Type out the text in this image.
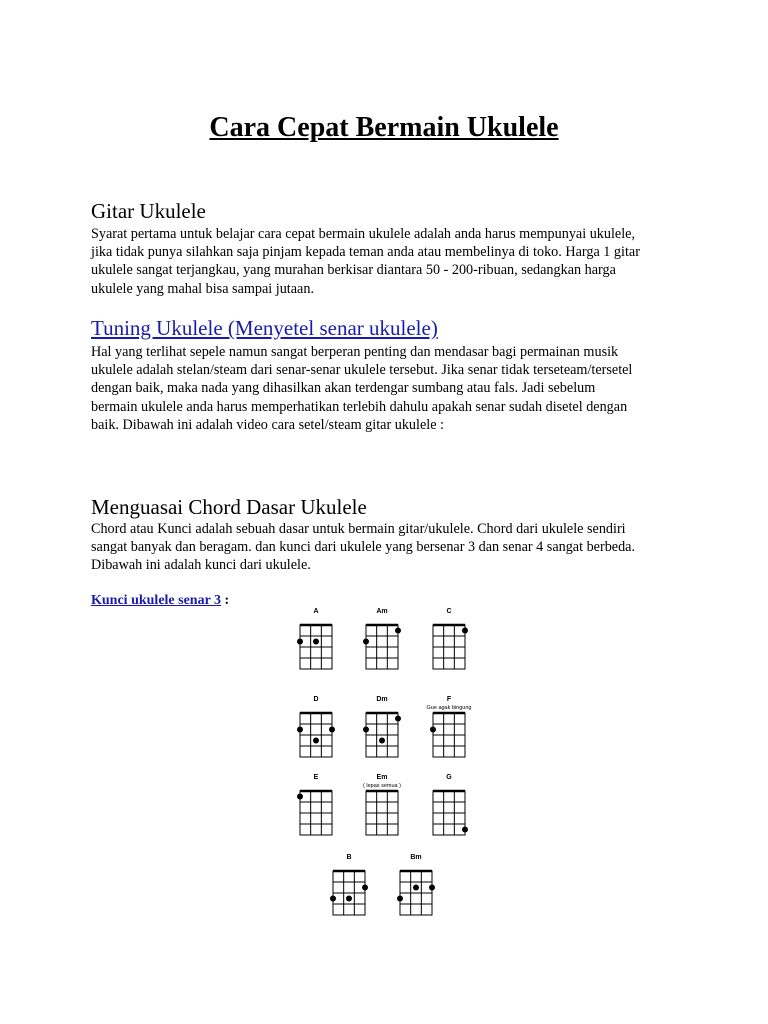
Cara Cepat Bermain Ukulele
Gitar Ukulele
Syarat pertama untuk belajar cara cepat bermain ukulele adalah anda harus mempunyai ukulele,
jika tidak punya silahkan saja pinjam kepada teman anda atau membelinya di toko. Harga 1 gitar
ukulele sangat terjangkau, yang murahan berkisar diantara 50 - 200-ribuan, sedangkan harga
ukulele yang mahal bisa sampai jutaan.
Tuning Ukulele (Menyetel senar ukulele)
Hal yang terlihat sepele namun sangat berperan penting dan mendasar bagi permainan musik
ukulele adalah stelan/steam dari senar-senar ukulele tersebut. Jika senar tidak terseteam/tersetel
dengan baik, maka nada yang dihasilkan akan terdengar sumbang atau fals. Jadi sebelum
bermain ukulele anda harus memperhatikan terlebih dahulu apakah senar sudah disetel dengan
baik. Dibawah ini adalah video cara setel/steam gitar ukulele :
Menguasai Chord Dasar Ukulele
Chord atau Kunci adalah sebuah dasar untuk bermain gitar/ukulele. Chord dari ukulele sendiri
sangat banyak dan beragam. dan kunci dari ukulele yang bersenar 3 dan senar 4 sangat berbeda.
Dibawah ini adalah kunci dari ukulele.

Kunci ukulele senar 3 :

A	Am	C
D	Dm	F
Gue agak bingung
E	Em
( lepas semua )
G
B	Bm
